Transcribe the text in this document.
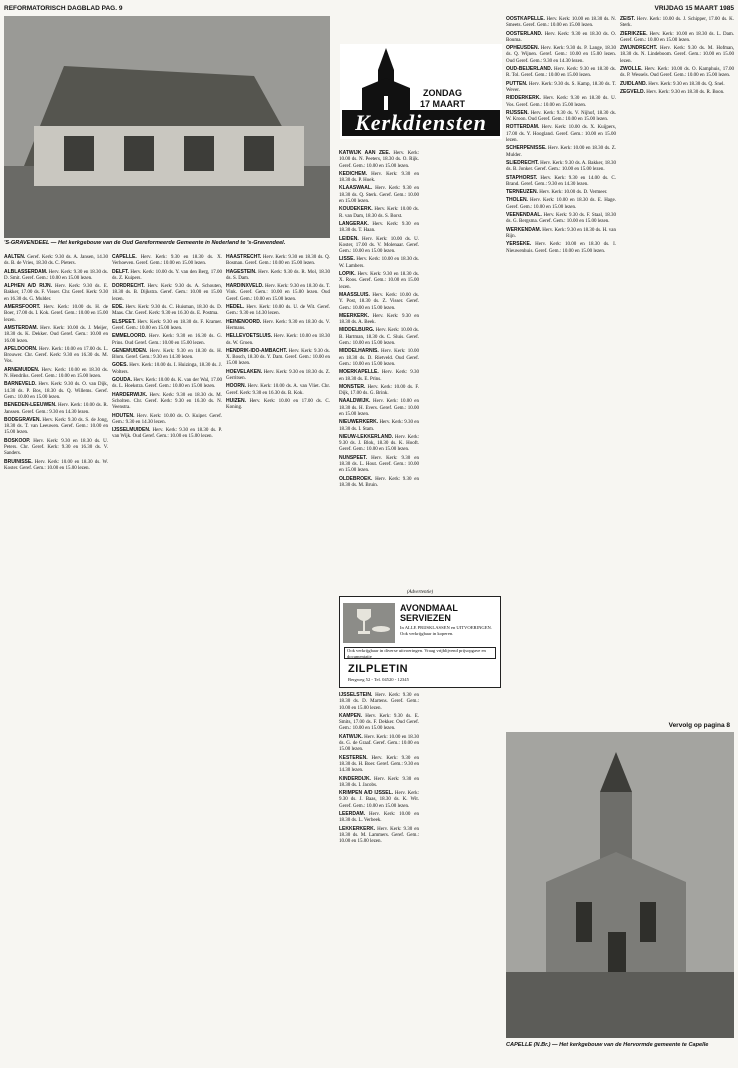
REFORMATORISCH DAGBLAD PAG. 9	VRIJDAG 15 MAART 1985
'S-GRAVENDEEL — Het kerkgebouw van de Oud Gereformeerde Gemeente in Nederland te 's-Gravendeel.
ZONDAG
17 MAART
Kerkdiensten

AALTEN. Geref. Kerk: 9.30 ds. A. Jansen, 14.30 ds. B. de Vries, 18.30 ds. C. Pieters.

ALBLASSERDAM. Herv. Kerk: 9.30 en 18.30 ds. D. Smit. Geref. Gem.: 10.00 en 15.00 lezen.

ALPHEN A/D RIJN. Herv. Kerk: 9.30 ds. E. Bakker, 17.00 ds. F. Visser. Chr. Geref. Kerk: 9.30 en 16.30 ds. G. Mulder.

AMERSFOORT. Herv. Kerk: 10.00 ds. H. de Boer, 17.00 ds. I. Kok. Geref. Gem.: 10.00 en 15.00 lezen.

AMSTERDAM. Herv. Kerk: 10.00 ds. J. Meijer, 18.30 ds. K. Dekker. Oud Geref. Gem.: 10.00 en 16.00 lezen.

APELDOORN. Herv. Kerk: 10.00 en 17.00 ds. L. Brouwer. Chr. Geref. Kerk: 9.30 en 16.30 ds. M. Vos.

ARNEMUIDEN. Herv. Kerk: 10.00 en 18.30 ds. N. Hendriks. Geref. Gem.: 10.00 en 15.00 lezen.

BARNEVELD. Herv. Kerk: 9.30 ds. O. van Dijk, 14.30 ds. P. Bos, 18.30 ds. Q. Willems. Geref. Gem.: 10.00 en 15.00 lezen.

BENEDEN-LEEUWEN. Herv. Kerk: 10.00 ds. R. Janssen. Geref. Gem.: 9.30 en 14.30 lezen.

BODEGRAVEN. Herv. Kerk: 9.30 ds. S. de Jong, 18.30 ds. T. van Leeuwen. Geref. Gem.: 10.00 en 15.00 lezen.

BOSKOOP. Herv. Kerk: 9.30 en 18.30 ds. U. Peters. Chr. Geref. Kerk: 9.30 en 16.30 ds. V. Sanders.

BRUINISSE. Herv. Kerk: 10.00 en 18.30 ds. W. Koster. Geref. Gem.: 10.00 en 15.00 lezen.

CAPELLE. Herv. Kerk: 9.30 en 18.30 ds. X. Verhoeven. Geref. Gem.: 10.00 en 15.00 lezen.

DELFT. Herv. Kerk: 10.00 ds. Y. van den Berg, 17.00 ds. Z. Kuipers.

DORDRECHT. Herv. Kerk: 9.30 ds. A. Schouten, 18.30 ds. B. Dijkstra. Geref. Gem.: 10.00 en 15.00 lezen.

EDE. Herv. Kerk: 9.30 ds. C. Huisman, 18.30 ds. D. Maas. Chr. Geref. Kerk: 9.30 en 16.30 ds. E. Postma.

ELSPEET. Herv. Kerk: 9.30 en 18.30 ds. F. Kramer. Geref. Gem.: 10.00 en 15.00 lezen.

EMMELOORD. Herv. Kerk: 9.30 en 16.30 ds. G. Prins. Oud Geref. Gem.: 10.00 en 15.00 lezen.

GENEMUIDEN. Herv. Kerk: 9.30 en 18.30 ds. H. Blom. Geref. Gem.: 9.30 en 14.30 lezen.

GOES. Herv. Kerk: 10.00 ds. I. Huizinga, 18.30 ds. J. Wolters.

GOUDA. Herv. Kerk: 10.00 ds. K. van der Wal, 17.00 ds. L. Hoekstra. Geref. Gem.: 10.00 en 15.00 lezen.

HARDERWIJK. Herv. Kerk: 9.30 en 18.30 ds. M. Scholten. Chr. Geref. Kerk: 9.30 en 16.30 ds. N. Veenstra.

HOUTEN. Herv. Kerk: 10.00 ds. O. Kuiper. Geref. Gem.: 9.30 en 14.30 lezen.

IJSSELMUIDEN. Herv. Kerk: 9.30 en 18.30 ds. P. van Wijk. Oud Geref. Gem.: 10.00 en 15.00 lezen.

HAASTRECHT. Herv. Kerk: 9.30 en 18.30 ds. Q. Bosman. Geref. Gem.: 10.00 en 15.00 lezen.

HAGESTEIN. Herv. Kerk: 9.30 ds. R. Mol, 18.30 ds. S. Dam.

HARDINXVELD. Herv. Kerk: 9.30 en 18.30 ds. T. Vink. Geref. Gem.: 10.00 en 15.00 lezen. Oud Geref. Gem.: 10.00 en 15.00 lezen.

HEDEL. Herv. Kerk: 10.00 ds. U. de Wit. Geref. Gem.: 9.30 en 14.30 lezen.

HEINENOORD. Herv. Kerk: 9.30 en 18.30 ds. V. Hermans.

HELLEVOETSLUIS. Herv. Kerk: 10.00 en 18.30 ds. W. Groen.

HENDRIK-IDO-AMBACHT. Herv. Kerk: 9.30 ds. X. Bosch, 18.30 ds. Y. Dam. Geref. Gem.: 10.00 en 15.00 lezen.

HOEVELAKEN. Herv. Kerk: 9.30 en 18.30 ds. Z. Gerritsen.

HOORN. Herv. Kerk: 10.00 ds. A. van Vliet. Chr. Geref. Kerk: 9.30 en 16.30 ds. B. Kok.

HUIZEN. Herv. Kerk: 10.00 en 17.00 ds. C. Koning.

IJSSELSTEIN. Herv. Kerk: 9.30 en 18.30 ds. D. Martens. Geref. Gem.: 10.00 en 15.00 lezen.

KAMPEN. Herv. Kerk: 9.30 ds. E. Smits, 17.00 ds. F. Dekker. Oud Geref. Gem.: 10.00 en 15.00 lezen.

KATWIJK. Herv. Kerk: 10.00 en 18.30 ds. G. de Graaf. Geref. Gem.: 10.00 en 15.00 lezen.

KESTEREN. Herv. Kerk: 9.30 en 18.30 ds. H. Boer. Geref. Gem.: 9.30 en 14.30 lezen.

KINDERDIJK. Herv. Kerk: 9.30 en 18.30 ds. I. Jacobs.

KRIMPEN A/D IJSSEL. Herv. Kerk: 9.30 ds. J. Baas, 18.30 ds. K. Wit. Geref. Gem.: 10.00 en 15.00 lezen.

LEERDAM. Herv. Kerk: 10.00 en 18.30 ds. L. Verbeek.

LEKKERKERK. Herv. Kerk: 9.30 en 18.30 ds. M. Lammers. Geref. Gem.: 10.00 en 15.00 lezen.

KATWIJK AAN ZEE. Herv. Kerk: 10.00 ds. N. Peeters, 18.30 ds. O. Rijk. Geref. Gem.: 10.00 en 15.00 lezen.

KEDICHEM. Herv. Kerk: 9.30 en 18.30 ds. P. Hoek.

KLAASWAAL. Herv. Kerk: 9.30 en 18.30 ds. Q. Sterk. Geref. Gem.: 10.00 en 15.00 lezen.

KOUDEKERK. Herv. Kerk: 10.00 ds. R. van Dam, 18.30 ds. S. Borst.

LANGERAK. Herv. Kerk: 9.30 en 18.30 ds. T. Haan.

LEIDEN. Herv. Kerk: 10.00 ds. U. Koster, 17.00 ds. V. Molenaar. Geref. Gem.: 10.00 en 15.00 lezen.

LISSE. Herv. Kerk: 10.00 en 18.30 ds. W. Lambers.

LOPIK. Herv. Kerk: 9.30 en 18.30 ds. X. Roos. Geref. Gem.: 10.00 en 15.00 lezen.

MAASSLUIS. Herv. Kerk: 10.00 ds. Y. Post, 18.30 ds. Z. Visser. Geref. Gem.: 10.00 en 15.00 lezen.

MEERKERK. Herv. Kerk: 9.30 en 18.30 ds. A. Beek.

MIDDELBURG. Herv. Kerk: 10.00 ds. B. Hartman, 18.30 ds. C. Sluis. Geref. Gem.: 10.00 en 15.00 lezen.

MIDDELHARNIS. Herv. Kerk: 10.00 en 18.30 ds. D. Rietveld. Oud Geref. Gem.: 10.00 en 15.00 lezen.

MOERKAPELLE. Herv. Kerk: 9.30 en 18.30 ds. E. Prins.

MONSTER. Herv. Kerk: 10.00 ds. F. Dijk, 17.00 ds. G. Brink.

NAALDWIJK. Herv. Kerk: 10.00 en 18.30 ds. H. Evers. Geref. Gem.: 10.00 en 15.00 lezen.

NIEUWERKERK. Herv. Kerk: 9.30 en 18.30 ds. I. Stam.

NIEUW-LEKKERLAND. Herv. Kerk: 9.30 ds. J. Blok, 18.30 ds. K. Hooft. Geref. Gem.: 10.00 en 15.00 lezen.

NUNSPEET. Herv. Kerk: 9.30 en 18.30 ds. L. Hout. Geref. Gem.: 10.00 en 15.00 lezen.

OLDEBROEK. Herv. Kerk: 9.30 en 18.30 ds. M. Bruin.

OOSTKAPELLE. Herv. Kerk: 10.00 en 18.30 ds. N. Smeets. Geref. Gem.: 10.00 en 15.00 lezen.

OOSTERLAND. Herv. Kerk: 9.30 en 18.30 ds. O. Bouma.

OPHEUSDEN. Herv. Kerk: 9.30 ds. P. Lange, 18.30 ds. Q. Wijnen. Geref. Gem.: 10.00 en 15.00 lezen. Oud Geref. Gem.: 9.30 en 14.30 lezen.

OUD-BEIJERLAND. Herv. Kerk: 9.30 en 18.30 ds. R. Tol. Geref. Gem.: 10.00 en 15.00 lezen.

PUTTEN. Herv. Kerk: 9.30 ds. S. Kamp, 18.30 ds. T. Wever.

RIDDERKERK. Herv. Kerk: 9.30 en 18.30 ds. U. Vos. Geref. Gem.: 10.00 en 15.00 lezen.

RIJSSEN. Herv. Kerk: 9.30 ds. V. Nijhof, 18.30 ds. W. Kroon. Oud Geref. Gem.: 10.00 en 15.00 lezen.

ROTTERDAM. Herv. Kerk: 10.00 ds. X. Kuijpers, 17.00 ds. Y. Hoogland. Geref. Gem.: 10.00 en 15.00 lezen.

SCHERPENISSE. Herv. Kerk: 10.00 en 18.30 ds. Z. Mulder.

SLIEDRECHT. Herv. Kerk: 9.30 ds. A. Bakker, 18.30 ds. B. Jonker. Geref. Gem.: 10.00 en 15.00 lezen.

STAPHORST. Herv. Kerk: 9.30 en 14.00 ds. C. Brand. Geref. Gem.: 9.30 en 14.30 lezen.

TERNEUZEN. Herv. Kerk: 10.00 ds. D. Vermeer.

THOLEN. Herv. Kerk: 10.00 en 18.30 ds. E. Hage. Geref. Gem.: 10.00 en 15.00 lezen.

VEENENDAAL. Herv. Kerk: 9.30 ds. F. Staal, 18.30 ds. G. Bergsma. Geref. Gem.: 10.00 en 15.00 lezen.

WERKENDAM. Herv. Kerk: 9.30 en 18.30 ds. H. van Rijn.

YERSEKE. Herv. Kerk: 10.00 en 18.30 ds. I. Nieuwenhuis. Geref. Gem.: 10.00 en 15.00 lezen.

ZEIST. Herv. Kerk: 10.00 ds. J. Schipper, 17.00 ds. K. Sterk.

ZIERIKZEE. Herv. Kerk: 10.00 en 18.30 ds. L. Dam. Geref. Gem.: 10.00 en 15.00 lezen.

ZWIJNDRECHT. Herv. Kerk: 9.30 ds. M. Hofman, 18.30 ds. N. Lindeboom. Geref. Gem.: 10.00 en 15.00 lezen.

ZWOLLE. Herv. Kerk: 10.00 ds. O. Kamphuis, 17.00 ds. P. Wessels. Oud Geref. Gem.: 10.00 en 15.00 lezen.

ZUIDLAND. Herv. Kerk: 9.30 en 18.30 ds. Q. Snel.

ZEGVELD. Herv. Kerk: 9.30 en 18.30 ds. R. Boon.

(Advertentie)
AVONDMAAL
SERVIEZEN
In ALLE PRIJSKLASSEN en UITVOERINGEN. Ook verkrijgbaar in koperen.
Ook verkrijgbaar in diverse uitvoeringen. Vraag vrijblijvend prijsopgave en documentatie
ZILPLETIN
Bergweg 52 - Tel. 04520 - 12345
Vervolg op pagina 8
CAPELLE (N.Br.) — Het kerkgebouw van de Hervormde gemeente te Capelle
